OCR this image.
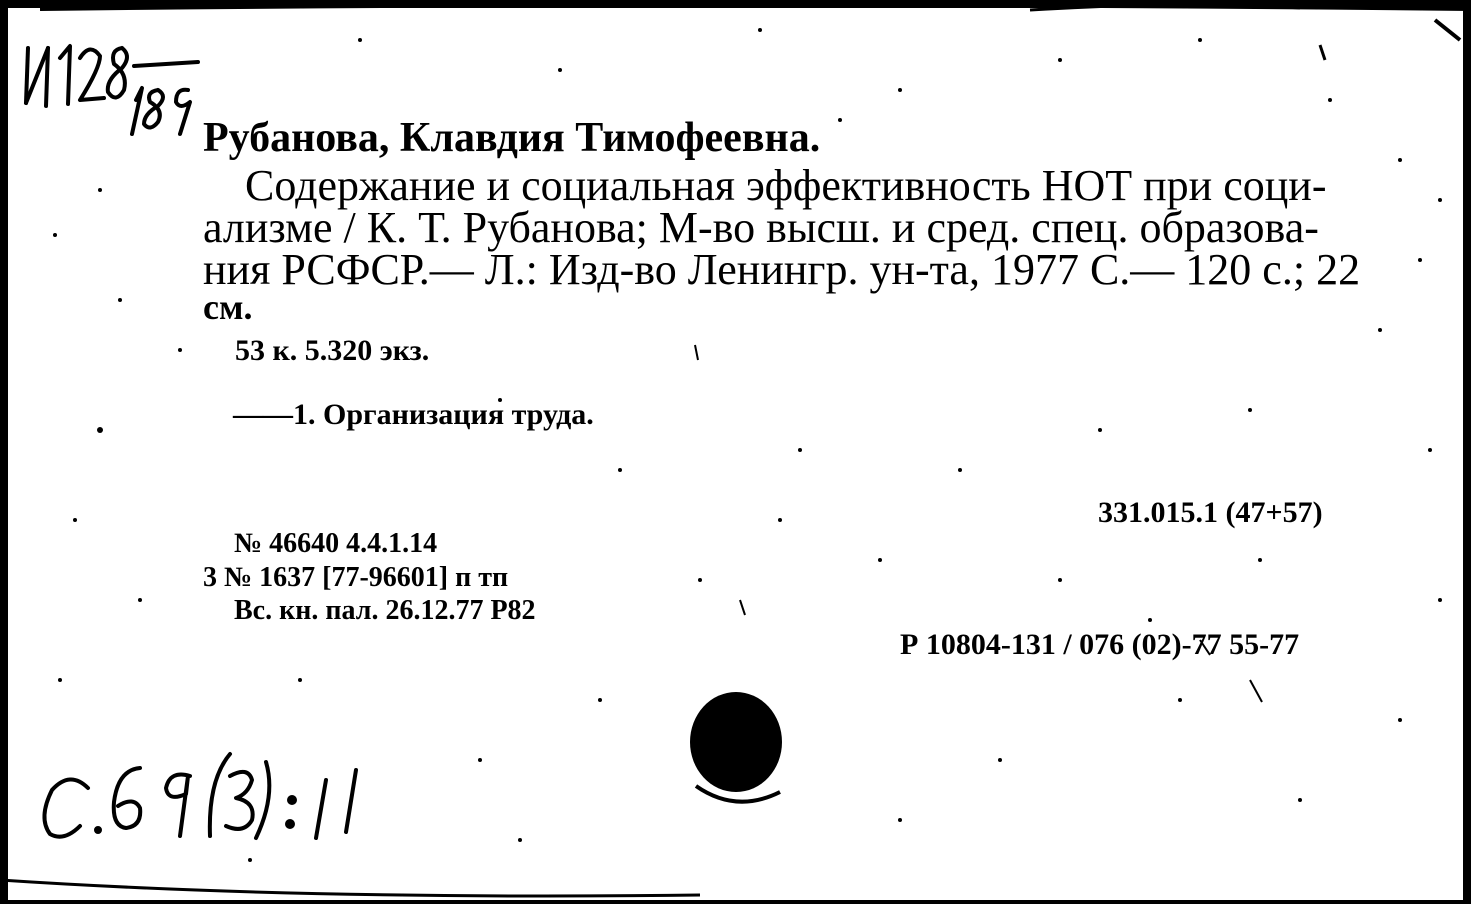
Рубанова, Клавдия Тимофеевна.
Содержание и социальная эффективность НОТ при соци-
ализме / К. Т. Рубанова; М-во высш. и сред. спец. образова-
ния РСФСР.— Л.: Изд-во Ленингр. ун-та, 1977 С.— 120 с.; 22
см.
53 к. 5.320 экз.
——1. Организация труда.
331.015.1 (47+57)
№ 46640 4.4.1.14
3 № 1637 [77-96601] п тп
Вс. кн. пал. 26.12.77 Р82
Р 10804-131 / 076 (02)-77 55-77
